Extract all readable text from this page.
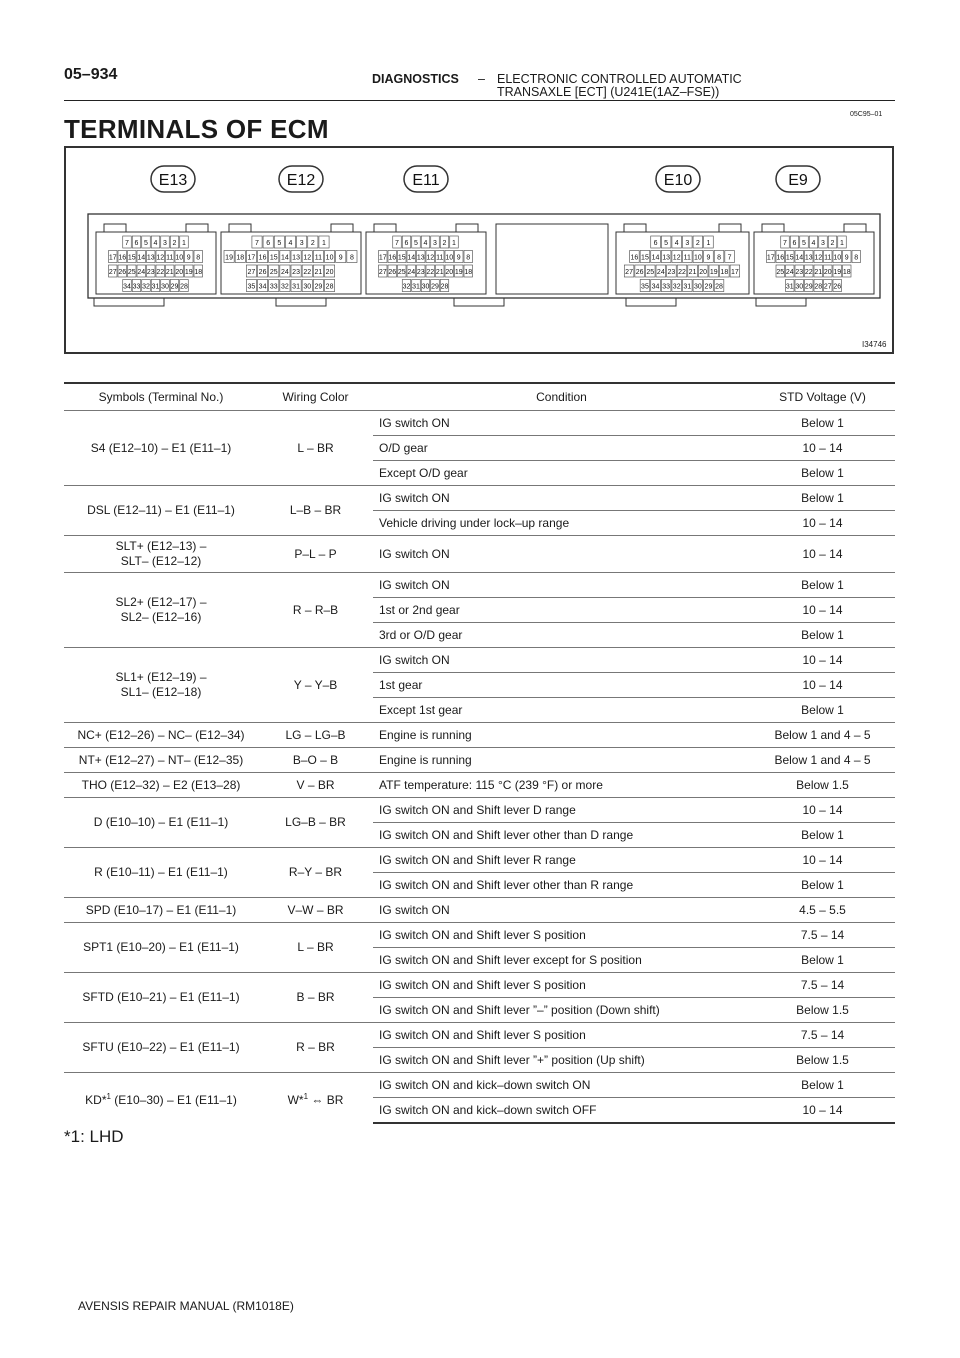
05–934	DIAGNOSTICS – ELECTRONIC CONTROLLED AUTOMATIC
TRANSAXLE [ECT] (U241E(1AZ–FSE))
TERMINALS OF ECM	05C95–01
E13	E12	E11	E10	E9
7 6 5 4 3 2 1
17 16 15 14 13 12 11 10 9 8
27 26 25 24 23 22 21 20 19 18
34 33 32 31 30 29 28
7 6 5 4 3 2 1
19 18 17 16 15 14 13 12 11 10 9 8
27 26 25 24 23 22 21 20
35 34 33 32 31 30 29 28
7 6 5 4 3 2 1
17 16 15 14 13 12 11 10 9 8
27 26 25 24 23 22 21 20 19 18
32 31 30 29 28
6 5 4 3 2 1
16 15 14 13 12 11 10 9 8 7
27 26 25 24 23 22 21 20 19 18 17
35 34 33 32 31 30 29 28
7 6 5 4 3 2 1
17 16 15 14 13 12 11 10 9 8
25 24 23 22 21 20 19 18
31 30 29 28 27 26
I34746
Symbols (Terminal No.)	Wiring Color	Condition	STD Voltage (V)
S4 (E12–10) – E1 (E11–1)	L – BR	IG switch ON	Below 1
		O/D gear	10 – 14
		Except O/D gear	Below 1
DSL (E12–11) – E1 (E11–1)	L–B – BR	IG switch ON	Below 1
		Vehicle driving under lock–up range	10 – 14
SLT+ (E12–13) –
SLT– (E12–12)	P–L – P	IG switch ON	10 – 14
SL2+ (E12–17) –
SL2– (E12–16)	R – R–B	IG switch ON	Below 1
		1st or 2nd gear	10 – 14
		3rd or O/D gear	Below 1
SL1+ (E12–19) –
SL1– (E12–18)	Y – Y–B	IG switch ON	10 – 14
		1st gear	10 – 14
		Except 1st gear	Below 1
NC+ (E12–26) – NC– (E12–34)	LG – LG–B	Engine is running	Below 1 and 4 – 5
NT+ (E12–27) – NT– (E12–35)	B–O – B	Engine is running	Below 1 and 4 – 5
THO (E12–32) – E2 (E13–28)	V – BR	ATF temperature: 115 °C (239 °F) or more	Below 1.5
D (E10–10) – E1 (E11–1)	LG–B – BR	IG switch ON and Shift lever D range	10 – 14
		IG switch ON and Shift lever other than D range	Below 1
R (E10–11) – E1 (E11–1)	R–Y – BR	IG switch ON and Shift lever R range	10 – 14
		IG switch ON and Shift lever other than R range	Below 1
SPD (E10–17) – E1 (E11–1)	V–W – BR	IG switch ON	4.5 – 5.5
SPT1 (E10–20) – E1 (E11–1)	L – BR	IG switch ON and Shift lever S position	7.5 – 14
		IG switch ON and Shift lever except for S position	Below 1
SFTD (E10–21) – E1 (E11–1)	B – BR	IG switch ON and Shift lever S position	7.5 – 14
		IG switch ON and Shift lever ”–” position (Down shift)	Below 1.5
SFTU (E10–22) – E1 (E11–1)	R – BR	IG switch ON and Shift lever S position	7.5 – 14
		IG switch ON and Shift lever ”+” position (Up shift)	Below 1.5
KD*$^1$ (E10–30) – E1 (E11–1)	W*$^1$ ⇔ BR	IG switch ON and kick–down switch ON	Below 1
		IG switch ON and kick–down switch OFF	10 – 14
*1: LHD
AVENSIS REPAIR MANUAL (RM1018E)
